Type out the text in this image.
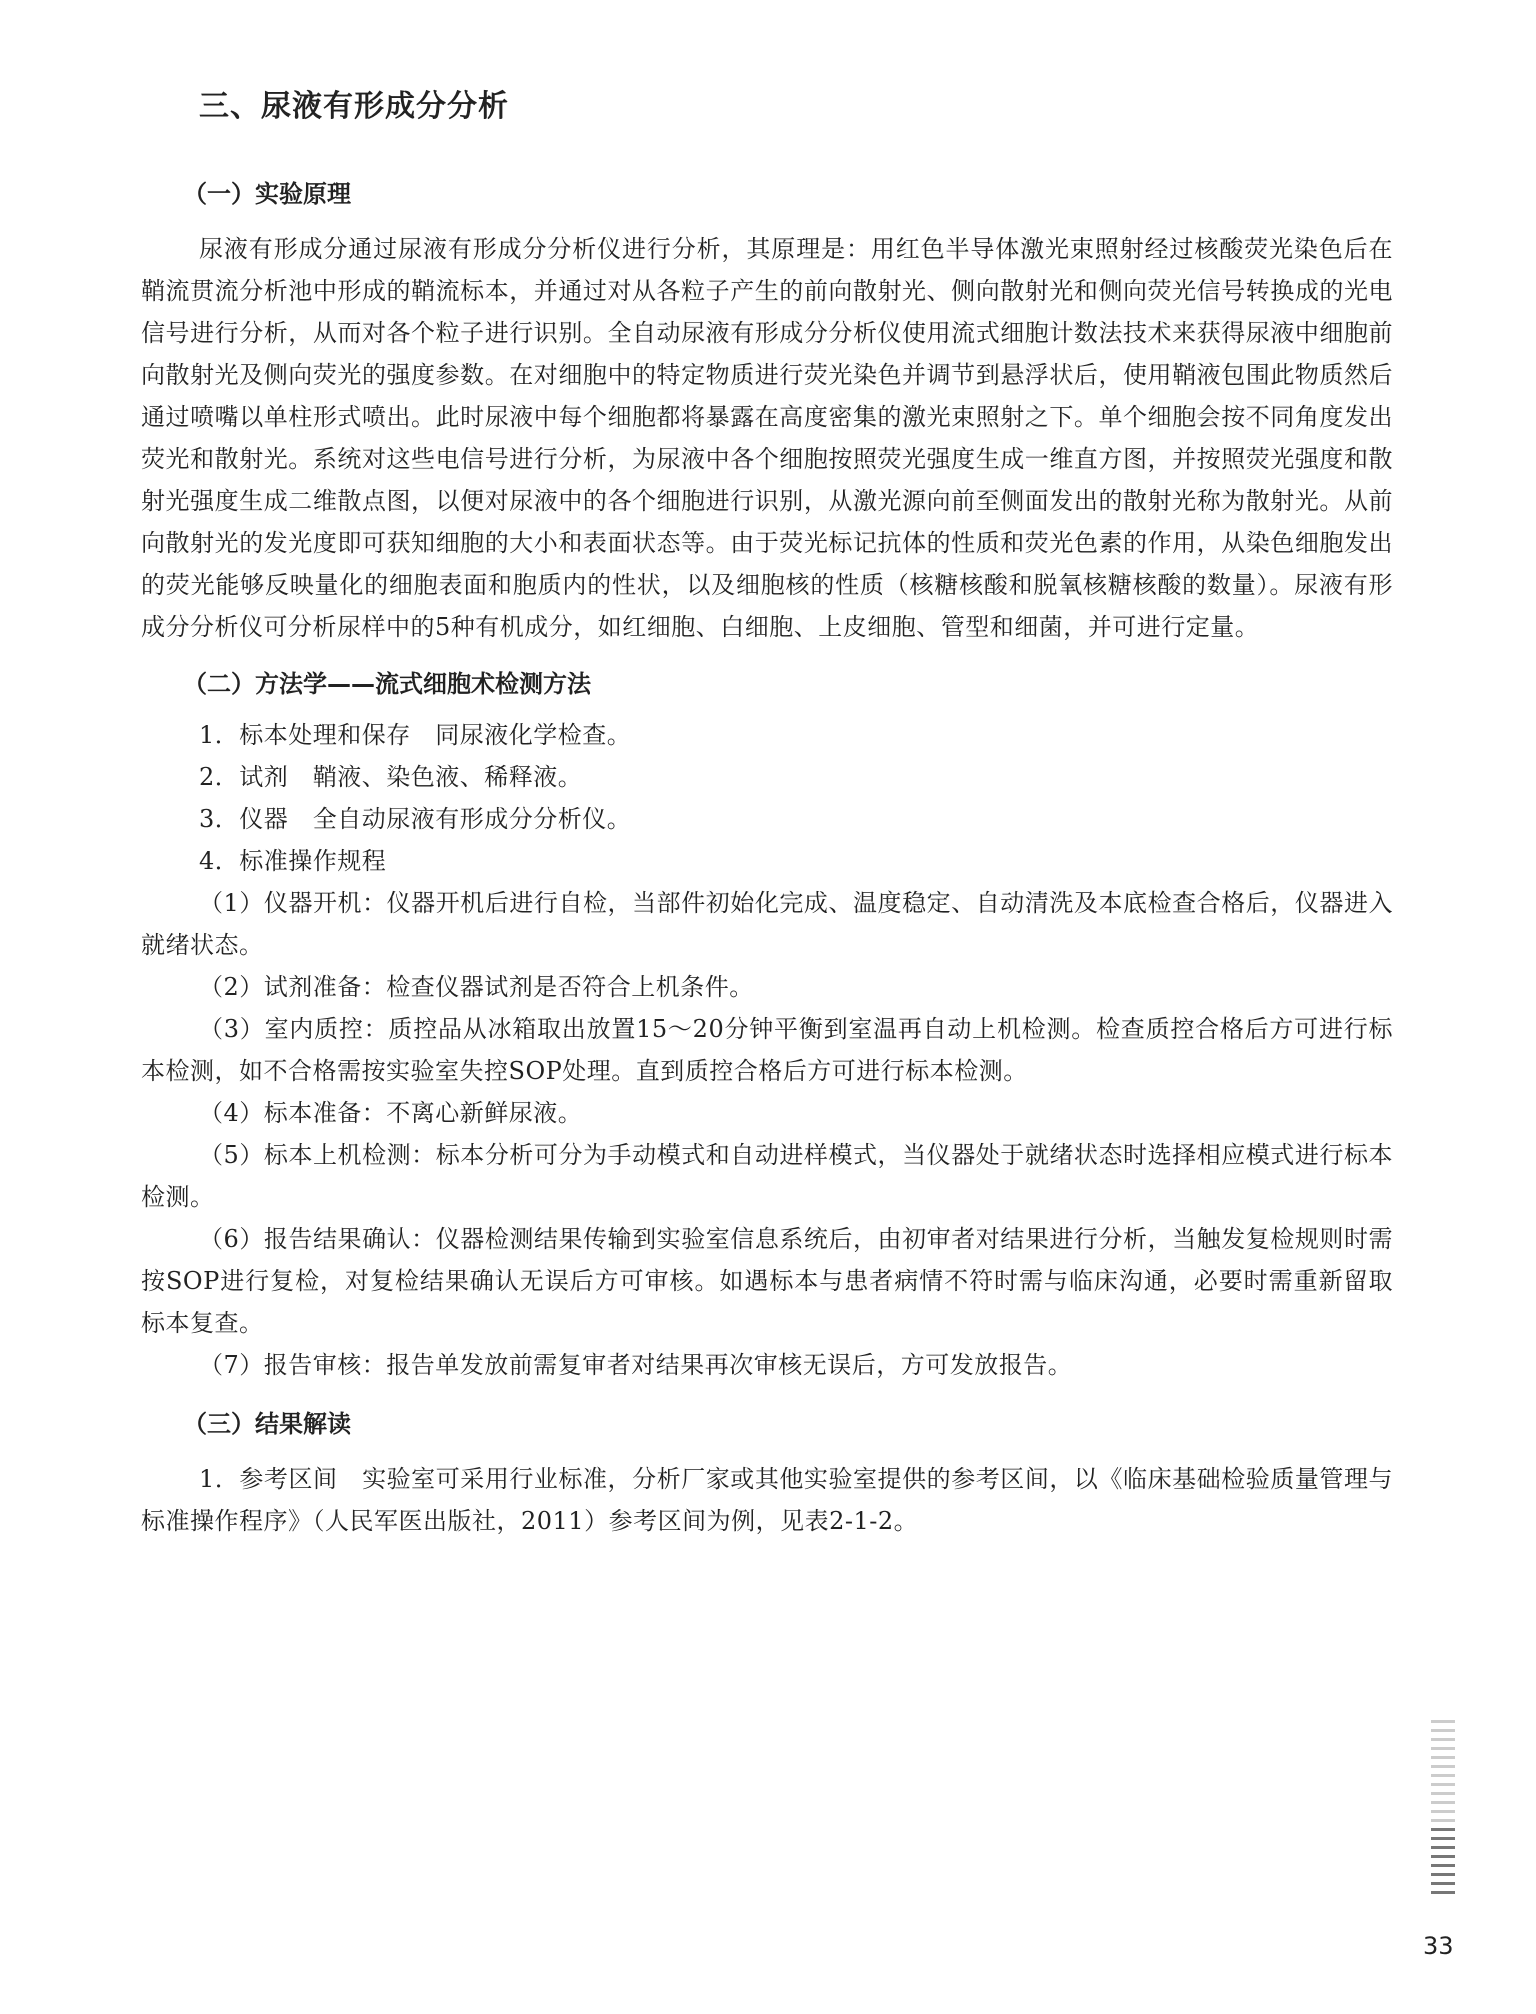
三、尿液有形成分分析
（一）实验原理

尿液有形成分通过尿液有形成分分析仪进行分析，其原理是：用红色半导体激光束照射经过核酸荧光染色后在鞘流贯流分析池中形成的鞘流标本，并通过对从各粒子产生的前向散射光、侧向散射光和侧向荧光信号转换成的光电信号进行分析，从而对各个粒子进行识别。全自动尿液有形成分分析仪使用流式细胞计数法技术来获得尿液中细胞前向散射光及侧向荧光的强度参数。在对细胞中的特定物质进行荧光染色并调节到悬浮状后，使用鞘液包围此物质然后通过喷嘴以单柱形式喷出。此时尿液中每个细胞都将暴露在高度密集的激光束照射之下。单个细胞会按不同角度发出荧光和散射光。系统对这些电信号进行分析，为尿液中各个细胞按照荧光强度生成一维直方图，并按照荧光强度和散射光强度生成二维散点图，以便对尿液中的各个细胞进行识别，从激光源向前至侧面发出的散射光称为散射光。从前向散射光的发光度即可获知细胞的大小和表面状态等。由于荧光标记抗体的性质和荧光色素的作用，从染色细胞发出的荧光能够反映量化的细胞表面和胞质内的性状，以及细胞核的性质（核糖核酸和脱氧核糖核酸的数量）。尿液有形成分分析仪可分析尿样中的5种有机成分，如红细胞、白细胞、上皮细胞、管型和细菌，并可进行定量。

（二）方法学——流式细胞术检测方法

1．标本处理和保存　同尿液化学检查。

2．试剂　鞘液、染色液、稀释液。

3．仪器　全自动尿液有形成分分析仪。

4．标准操作规程

（1）仪器开机：仪器开机后进行自检，当部件初始化完成、温度稳定、自动清洗及本底检查合格后，仪器进入就绪状态。

（2）试剂准备：检查仪器试剂是否符合上机条件。

（3）室内质控：质控品从冰箱取出放置15～20分钟平衡到室温再自动上机检测。检查质控合格后方可进行标本检测，如不合格需按实验室失控SOP处理。直到质控合格后方可进行标本检测。

（4）标本准备：不离心新鲜尿液。

（5）标本上机检测：标本分析可分为手动模式和自动进样模式，当仪器处于就绪状态时选择相应模式进行标本检测。

（6）报告结果确认：仪器检测结果传输到实验室信息系统后，由初审者对结果进行分析，当触发复检规则时需按SOP进行复检，对复检结果确认无误后方可审核。如遇标本与患者病情不符时需与临床沟通，必要时需重新留取标本复查。

（7）报告审核：报告单发放前需复审者对结果再次审核无误后，方可发放报告。

（三）结果解读

1．参考区间　实验室可采用行业标准，分析厂家或其他实验室提供的参考区间，以《临床基础检验质量管理与标准操作程序》（人民军医出版社，2011）参考区间为例，见表2-1-2。

33
